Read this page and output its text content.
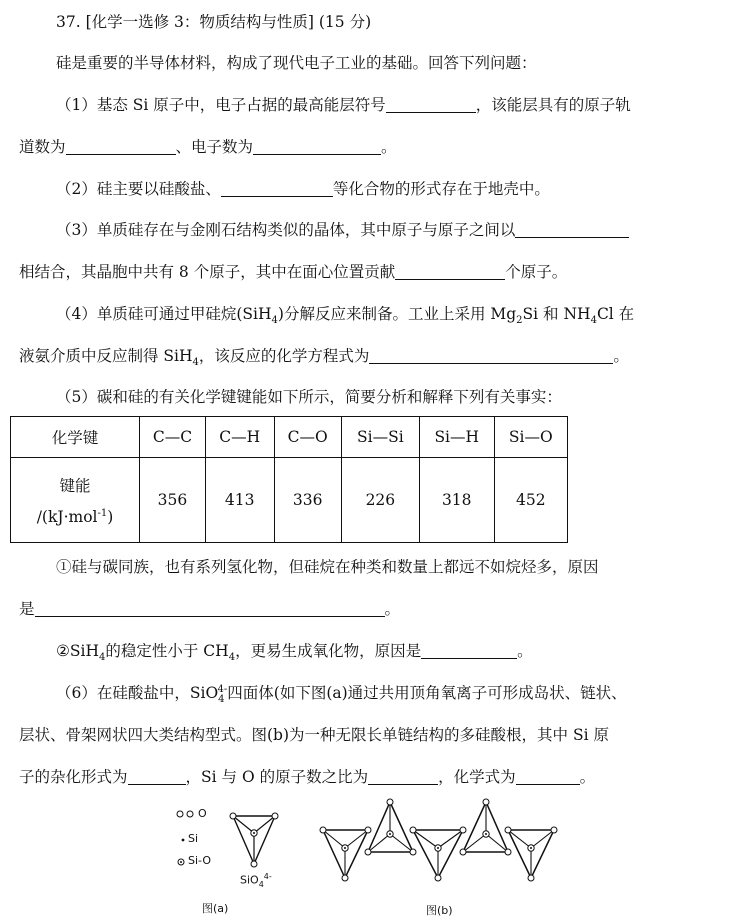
37. [化学一选修 3：物质结构与性质] (15 分)
硅是重要的半导体材料，构成了现代电子工业的基础。回答下列问题：
（1）基态 Si 原子中，电子占据的最高能层符号	，该能层具有的原子轨
道数为	、电子数为	。
（2）硅主要以硅酸盐、	等化合物的形式存在于地壳中。
（3）单质硅存在与金刚石结构类似的晶体，其中原子与原子之间以
相结合，其晶胞中共有 8 个原子，其中在面心位置贡献	个原子。
（4）单质硅可通过甲硅烷(SiH$_4$)分解反应来制备。工业上采用 $Mg_2Si$ 和 $NH_4Cl$ 在
液氨介质中反应制得 SiH$_4$，该反应的化学方程式为	。
（5）碳和硅的有关化学键键能如下所示，简要分析和解释下列有关事实：
化学键	C—C	C—H	C—O	Si—Si	Si—H	Si—O

键能
/(kJ·mol$^{-1}$)	356	413	336	226	318	452
①硅与碳同族，也有系列氢化物，但硅烷在种类和数量上都远不如烷烃多，原因
是	。
②SiH$_4$的稳定性小于 $CH_4$，更易生成氧化物，原因是	。
（6）在硅酸盐中，SiO$_4^{4-}$四面体(如下图(a)通过共用顶角氧离子可形成岛状、链状、
层状、骨架网状四大类结构型式。图(b)为一种无限长单链结构的多硅酸根，其中 Si 原
子的杂化形式为	，Si 与 O 的原子数之比为	，化学式为	。
O
Si
Si-O
SiO$_4^{4-}$
图(a)	图(b)
